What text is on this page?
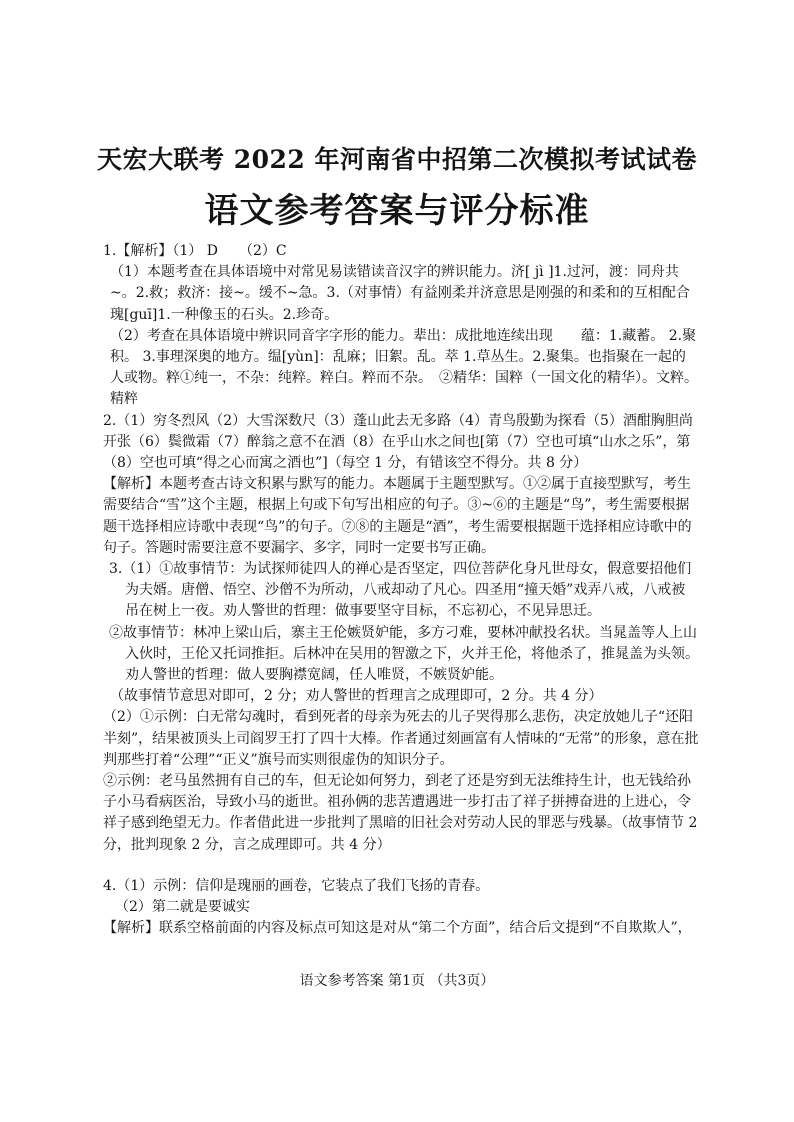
天宏大联考 2022 年河南省中招第二次模拟考试试卷
语文参考答案与评分标准

1.【解析】（1） D　　（2）C

（1）本题考查在具体语境中对常见易读错读音汉字的辨识能力。济[ jì ]1.过河，渡：同舟共~。2.救；救济：接~。缓不~急。3.（对事情）有益刚柔并济意思是刚强的和柔和的互相配合　瑰[guī]1.一种像玉的石头。2.珍奇。

（2）考查在具体语境中辨识同音字字形的能力。辈出：成批地连续出现　　蕴：1.藏蓄。 2.聚积。 3.事理深奥的地方。缊[yùn]：乱麻；旧絮。乱。萃 1.草丛生。2.聚集。也指聚在一起的人或物。粹①纯一，不杂：纯粹。粹白。粹而不杂。　②精华：国粹（一国文化的精华）。文粹。精粹

2.（1）穷冬烈风（2）大雪深数尺（3）蓬山此去无多路（4）青鸟殷勤为探看（5）酒酣胸胆尚开张（6）鬓微霜（7）醉翁之意不在酒（8）在乎山水之间也[第（7）空也可填“山水之乐”，第（8）空也可填“得之心而寓之酒也”]（每空 1 分，有错该空不得分。共 8 分）

【解析】本题考查古诗文积累与默写的能力。本题属于主题型默写。①②属于直接型默写，考生需要结合“雪”这个主题，根据上句或下句写出相应的句子。③~⑥的主题是“鸟”，考生需要根据题干选择相应诗歌中表现“鸟”的句子。⑦⑧的主题是“酒”，考生需要根据题干选择相应诗歌中的句子。答题时需要注意不要漏字、多字，同时一定要书写正确。

3.（1）①故事情节：为试探师徒四人的禅心是否坚定，四位菩萨化身凡世母女，假意要招他们为夫婿。唐僧、悟空、沙僧不为所动，八戒却动了凡心。四圣用“撞天婚”戏弄八戒，八戒被吊在树上一夜。劝人警世的哲理：做事要坚守目标，不忘初心，不见异思迁。

②故事情节：林冲上梁山后，寨主王伦嫉贤妒能，多方刁难，要林冲献投名状。当晁盖等人上山入伙时，王伦又托词推拒。后林冲在吴用的智激之下，火并王伦，将他杀了，推晁盖为头领。劝人警世的哲理：做人要胸襟宽阔，任人唯贤，不嫉贤妒能。

（故事情节意思对即可，2 分；劝人警世的哲理言之成理即可，2 分。共 4 分）

（2）①示例：白无常勾魂时，看到死者的母亲为死去的儿子哭得那么悲伤，决定放她儿子“还阳半刻”，结果被顶头上司阎罗王打了四十大棒。作者通过刻画富有人情味的“无常”的形象，意在批判那些打着“公理”“正义”旗号而实则很虚伪的知识分子。

②示例：老马虽然拥有自己的车，但无论如何努力，到老了还是穷到无法维持生计，也无钱给孙子小马看病医治，导致小马的逝世。祖孙俩的悲苦遭遇进一步打击了祥子拼搏奋进的上进心，令祥子感到绝望无力。作者借此进一步批判了黑暗的旧社会对劳动人民的罪恶与残暴。（故事情节 2 分，批判现象 2 分，言之成理即可。共 4 分）

4.（1）示例：信仰是瑰丽的画卷，它装点了我们飞扬的青春。

（2）第二就是要诚实

【解析】联系空格前面的内容及标点可知这是对从“第二个方面”，结合后文提到“不自欺欺人”，

语文参考答案 第1页 （共3页）
